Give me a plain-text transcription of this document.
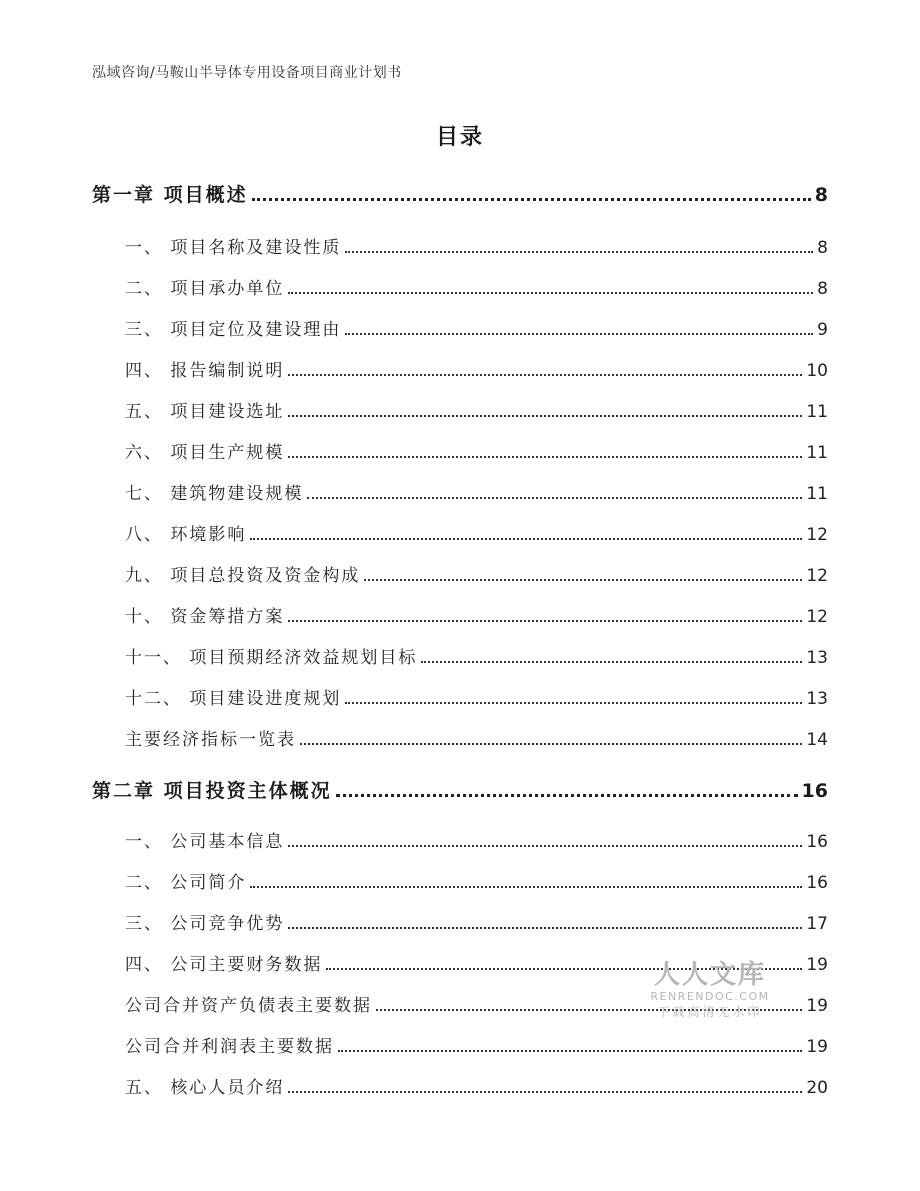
泓域咨询/马鞍山半导体专用设备项目商业计划书
目录
第一章 项目概述	8
一、 项目名称及建设性质	8
二、 项目承办单位	8
三、 项目定位及建设理由	9
四、 报告编制说明	10
五、 项目建设选址	11
六、 项目生产规模	11
七、 建筑物建设规模	11
八、 环境影响	12
九、 项目总投资及资金构成	12
十、 资金筹措方案	12
十一、 项目预期经济效益规划目标	13
十二、 项目建设进度规划	13
主要经济指标一览表	14
第二章 项目投资主体概况	16
一、 公司基本信息	16
二、 公司简介	16
三、 公司竞争优势	17
四、 公司主要财务数据	19
公司合并资产负债表主要数据	19
公司合并利润表主要数据	19
五、 核心人员介绍	20
人人文库
RENRENDOC.COM
下载高清无水印
